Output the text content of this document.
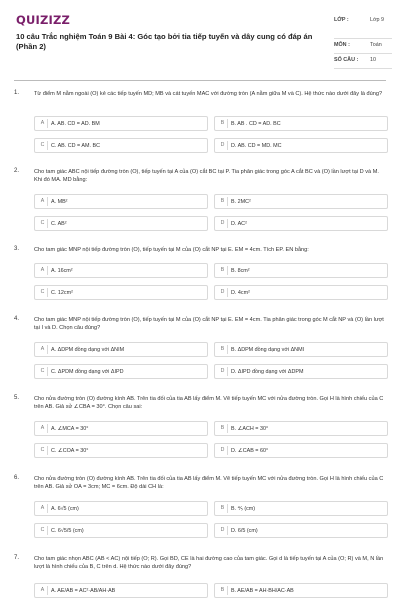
QUIZIZZ
10 câu Trắc nghiệm Toán 9 Bài 4: Góc tạo bởi tia tiếp tuyến và dây cung có đáp án (Phần 2)
LỚP :	Lớp 9
MÔN :	Toán
SỐ CÂU : 10
1.	Từ điểm M nằm ngoài (O) kẻ các tiếp tuyến MD; MB và cát tuyến MAC với đường tròn (A nằm giữa M và C). Hệ thức nào dưới đây là đúng?
A	A. AB. CD = AD. BM	B	B. AB . CD = AD. BC
C	C. AB. CD = AM. BC	D	D. AB. CD = MD. MC
2.	Cho tam giác ABC nội tiếp đường tròn (O), tiếp tuyến tại A của (O) cắt BC tại P. Tia phân giác trong góc A cắt BC và (O) lần lượt tại D và M. Khi đó MA. MD bằng:
A	A. MB²	B	B. 2MC²
C	C. AB²	D	D. AC²
3.	Cho tam giác MNP nội tiếp đường tròn (O), tiếp tuyến tại M của (O) cắt NP tại E. EM = 4cm. Tích EP. EN bằng:
A	A. 16cm²	B	B. 8cm²
C	C. 12cm²	D	D. 4cm²
4.	Cho tam giác MNP nội tiếp đường tròn (O), tiếp tuyến tại M của (O) cắt NP tại E. EM = 4cm. Tia phân giác trong góc M cắt NP và (O) lần lượt tại I và D. Chọn câu đúng?
A	A. ΔDPM đồng dạng với ΔNIM	B	B. ΔDPM đồng dạng với ΔNMI
C	C. ΔPDM đồng dạng với ΔIPD	D	D. ΔIPD đồng dạng với ΔDPM
5.	Cho nửa đường tròn (O) đường kính AB. Trên tia đối của tia AB lấy điểm M. Vẽ tiếp tuyến MC với nửa đường tròn. Gọi H là hình chiếu của C trên AB. Giả sử ∠CBA = 30°. Chọn câu sai:
A	A. ∠MCA = 30°	B	B. ∠ACH = 30°
C	C. ∠COA = 30°	D	D. ∠CAB = 60°
6.	Cho nửa đường tròn (O) đường kính AB. Trên tia đối của tia AB lấy điểm M. Vẽ tiếp tuyến MC với nửa đường tròn. Gọi H là hình chiếu của C trên AB. Giả sử OA = 3cm; MC = 6cm. Độ dài CH là:
A	A. 6√5 (cm)	B	B. ⅘ (cm)
C	C. 6√5/5 (cm)	D	D. 6/5 (cm)
7.	Cho tam giác nhọn ABC (AB < AC) nội tiếp (O; R). Gọi BD, CE là hai đường cao của tam giác. Gọi d là tiếp tuyến tại A của (O; R) và M, N lần lượt là hình chiếu của B, C trên d. Hệ thức nào dưới đây đúng?
A	A. AE/AB = AC²·AB/AH·AB	B	B. AE/AB = AH·BH/AC·AB
